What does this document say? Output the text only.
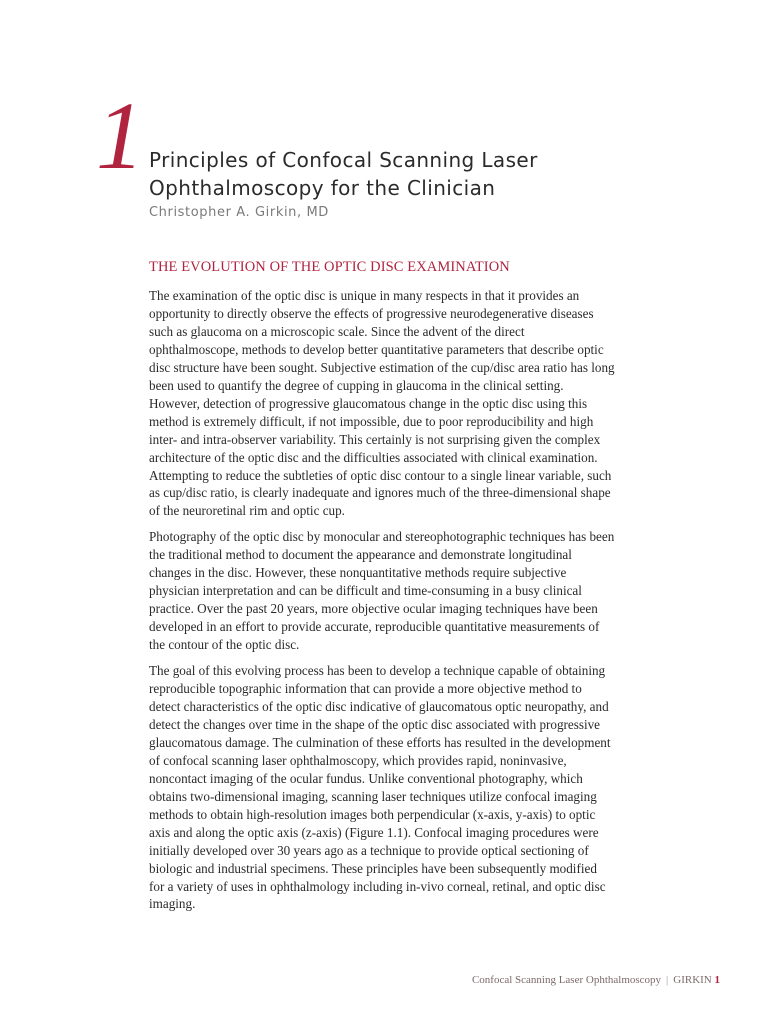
1 Principles of Confocal Scanning Laser
Ophthalmoscopy for the Clinician
Christopher A. Girkin, MD
THE EVOLUTION OF THE OPTIC DISC EXAMINATION

The examination of the optic disc is unique in many respects in that it provides an opportunity to directly observe the effects of progressive neurodegenerative diseases such as glaucoma on a microscopic scale. Since the advent of the direct ophthalmoscope, methods to develop better quantitative parameters that describe optic disc structure have been sought. Subjective estimation of the cup/disc area ratio has long been used to quantify the degree of cupping in glaucoma in the clinical setting. However, detection of progressive glaucomatous change in the optic disc using this method is extremely difficult, if not impossible, due to poor reproducibility and high inter- and intra-observer variability. This certainly is not surprising given the complex architecture of the optic disc and the difficulties associated with clinical examination. Attempting to reduce the subtleties of optic disc contour to a single linear variable, such as cup/disc ratio, is clearly inadequate and ignores much of the three-dimensional shape of the neuroretinal rim and optic cup.

Photography of the optic disc by monocular and stereophotographic techniques has been the traditional method to document the appearance and demonstrate longitudinal changes in the disc. However, these nonquantitative methods require subjective physician interpretation and can be difficult and time-consuming in a busy clinical practice. Over the past 20 years, more objective ocular imaging techniques have been developed in an effort to provide accurate, reproducible quantitative measurements of the contour of the optic disc.

The goal of this evolving process has been to develop a technique capable of obtaining reproducible topographic information that can provide a more objective method to detect characteristics of the optic disc indicative of glaucomatous optic neuropathy, and detect the changes over time in the shape of the optic disc associated with progressive glaucomatous damage. The culmination of these efforts has resulted in the development of confocal scanning laser ophthalmoscopy, which provides rapid, noninvasive, noncontact imaging of the ocular fundus. Unlike conventional photography, which obtains two-dimensional imaging, scanning laser techniques utilize confocal imaging methods to obtain high-resolution images both perpendicular (x-axis, y-axis) to optic axis and along the optic axis (z-axis) (Figure 1.1). Confocal imaging procedures were initially developed over 30 years ago as a technique to provide optical sectioning of biologic and industrial specimens. These principles have been subsequently modified for a variety of uses in ophthalmology including in-vivo corneal, retinal, and optic disc imaging.

Confocal Scanning Laser Ophthalmoscopy | GIRKIN 1
